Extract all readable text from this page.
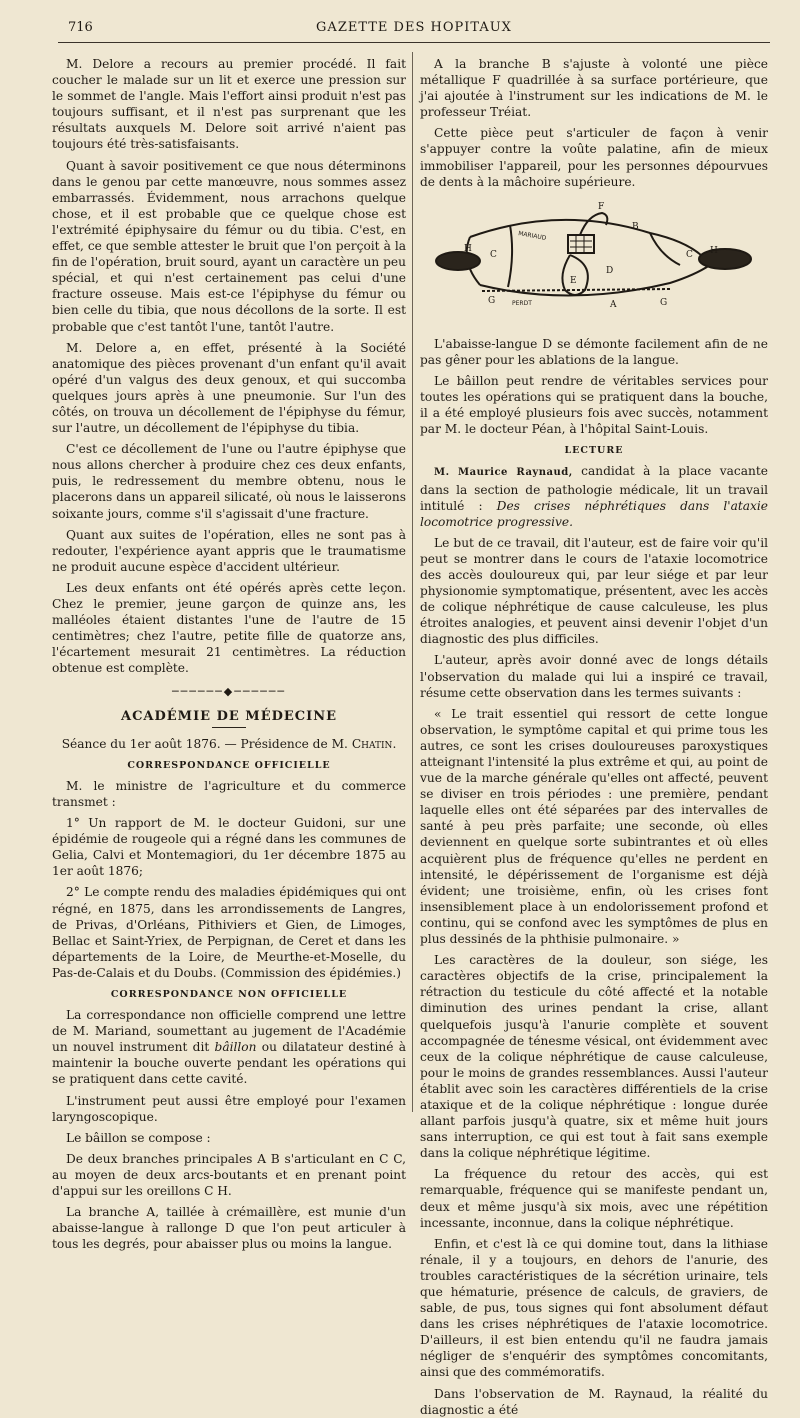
716	GAZETTE DES HOPITAUX

M. Delore a recours au premier procédé. Il fait coucher le malade sur un lit et exerce une pression sur le sommet de l'angle. Mais l'effort ainsi produit n'est pas toujours suffisant, et il n'est pas surprenant que les résultats auxquels M. Delore soit arrivé n'aient pas toujours été très-satisfaisants.

Quant à savoir positivement ce que nous déterminons dans le genou par cette manœuvre, nous sommes assez embarrassés. Évidemment, nous arrachons quelque chose, et il est probable que ce quelque chose est l'extrémité épiphysaire du fémur ou du tibia. C'est, en effet, ce que semble attester le bruit que l'on perçoit à la fin de l'opération, bruit sourd, ayant un caractère un peu spécial, et qui n'est certainement pas celui d'une fracture osseuse. Mais est-ce l'épiphyse du fémur ou bien celle du tibia, que nous décollons de la sorte. Il est probable que c'est tantôt l'une, tantôt l'autre.

M. Delore a, en effet, présenté à la Société anatomique des pièces provenant d'un enfant qu'il avait opéré d'un valgus des deux genoux, et qui succomba quelques jours après à une pneumonie. Sur l'un des côtés, on trouva un décollement de l'épiphyse du fémur, sur l'autre, un décollement de l'épiphyse du tibia.

C'est ce décollement de l'une ou l'autre épiphyse que nous allons chercher à produire chez ces deux enfants, puis, le redressement du membre obtenu, nous le placerons dans un appareil silicaté, où nous le laisserons soixante jours, comme s'il s'agissait d'une fracture.

Quant aux suites de l'opération, elles ne sont pas à redouter, l'expérience ayant appris que le traumatisme ne produit aucune espèce d'accident ultérieur.

Les deux enfants ont été opérés après cette leçon. Chez le premier, jeune garçon de quinze ans, les malléoles étaient distantes l'une de l'autre de 15 centimètres; chez l'autre, petite fille de quatorze ans, l'écartement mesurait 21 centimètres. La réduction obtenue est complète.

──────◆──────
ACADÉMIE DE MÉDECINE

Séance du 1er août 1876. — Présidence de M. Chatin.

CORRESPONDANCE OFFICIELLE

M. le ministre de l'agriculture et du commerce transmet :

1° Un rapport de M. le docteur Guidoni, sur une épidémie de rougeole qui a régné dans les communes de Gelia, Calvi et Montemagiori, du 1er décembre 1875 au 1er août 1876;

2° Le compte rendu des maladies épidémiques qui ont régné, en 1875, dans les arrondissements de Langres, de Privas, d'Orléans, Pithiviers et Gien, de Limoges, Bellac et Saint-Yriex, de Perpignan, de Ceret et dans les départements de la Loire, de Meurthe-et-Moselle, du Pas-de-Calais et du Doubs. (Commission des épidémies.)

CORRESPONDANCE NON OFFICIELLE

La correspondance non officielle comprend une lettre de M. Mariand, soumettant au jugement de l'Académie un nouvel instrument dit bâillon ou dilatateur destiné à maintenir la bouche ouverte pendant les opérations qui se pratiquent dans cette cavité.

L'instrument peut aussi être employé pour l'examen laryngoscopique.

Le bâillon se compose :

De deux branches principales A B s'articulant en C C, au moyen de deux arcs-boutants et en prenant point d'appui sur les oreillons C H.

La branche A, taillée à crémaillère, est munie d'un abaisse-langue à rallonge D que l'on peut articuler à tous les degrés, pour abaisser plus ou moins la langue.

A la branche B s'ajuste à volonté une pièce métallique F quadrillée à sa surface portérieure, que j'ai ajoutée à l'instrument sur les indications de M. le professeur Tréiat.

Cette pièce peut s'articuler de façon à venir s'appuyer contre la voûte palatine, afin de mieux immobiliser l'appareil, pour les personnes dépourvues de dents à la mâchoire supérieure.

F
B
H
C
E
D
C H
A	G
G
MARIAUD
PERDT

L'abaisse-langue D se démonte facilement afin de ne pas gêner pour les ablations de la langue.

Le bâillon peut rendre de véritables services pour toutes les opérations qui se pratiquent dans la bouche, il a été employé plusieurs fois avec succès, notamment par M. le docteur Péan, à l'hôpital Saint-Louis.

LECTURE

M. Maurice Raynaud, candidat à la place vacante dans la section de pathologie médicale, lit un travail intitulé : Des crises néphrétiques dans l'ataxie locomotrice progressive.

Le but de ce travail, dit l'auteur, est de faire voir qu'il peut se montrer dans le cours de l'ataxie locomotrice des accès douloureux qui, par leur siége et par leur physionomie symptomatique, présentent, avec les accès de colique néphrétique de cause calculeuse, les plus étroites analogies, et peuvent ainsi devenir l'objet d'un diagnostic des plus difficiles.

L'auteur, après avoir donné avec de longs détails l'observation du malade qui lui a inspiré ce travail, résume cette observation dans les termes suivants :

« Le trait essentiel qui ressort de cette longue observation, le symptôme capital et qui prime tous les autres, ce sont les crises douloureuses paroxystiques atteignant l'intensité la plus extrême et qui, au point de vue de la marche générale qu'elles ont affecté, peuvent se diviser en trois périodes : une première, pendant laquelle elles ont été séparées par des intervalles de santé à peu près parfaite; une seconde, où elles deviennent en quelque sorte subintrantes et où elles acquièrent plus de fréquence qu'elles ne perdent en intensité, le dépérissement de l'organisme est déjà évident; une troisième, enfin, où les crises font insensiblement place à un endolorissement profond et continu, qui se confond avec les symptômes de plus en plus dessinés de la phthisie pulmonaire. »

Les caractères de la douleur, son siége, les caractères objectifs de la crise, principalement la rétraction du testicule du côté affecté et la notable diminution des urines pendant la crise, allant quelquefois jusqu'à l'anurie complète et souvent accompagnée de ténesme vésical, ont évidemment avec ceux de la colique néphrétique de cause calculeuse, pour le moins de grandes ressemblances. Aussi l'auteur établit avec soin les caractères différentiels de la crise ataxique et de la colique néphrétique : longue durée allant parfois jusqu'à quatre, six et même huit jours sans interruption, ce qui est tout à fait sans exemple dans la colique néphrétique légitime.

La fréquence du retour des accès, qui est remarquable, fréquence qui se manifeste pendant un, deux et même jusqu'à six mois, avec une répétition incessante, inconnue, dans la colique néphrétique.

Enfin, et c'est là ce qui domine tout, dans la lithiase rénale, il y a toujours, en dehors de l'anurie, des troubles caractéristiques de la sécrétion urinaire, tels que hématurie, présence de calculs, de graviers, de sable, de pus, tous signes qui font absolument défaut dans les crises néphrétiques de l'ataxie locomotrice. D'ailleurs, il est bien entendu qu'il ne faudra jamais négliger de s'enquérir des symptômes concomitants, ainsi que des commémoratifs.

Dans l'observation de M. Raynaud, la réalité du diagnostic a été
